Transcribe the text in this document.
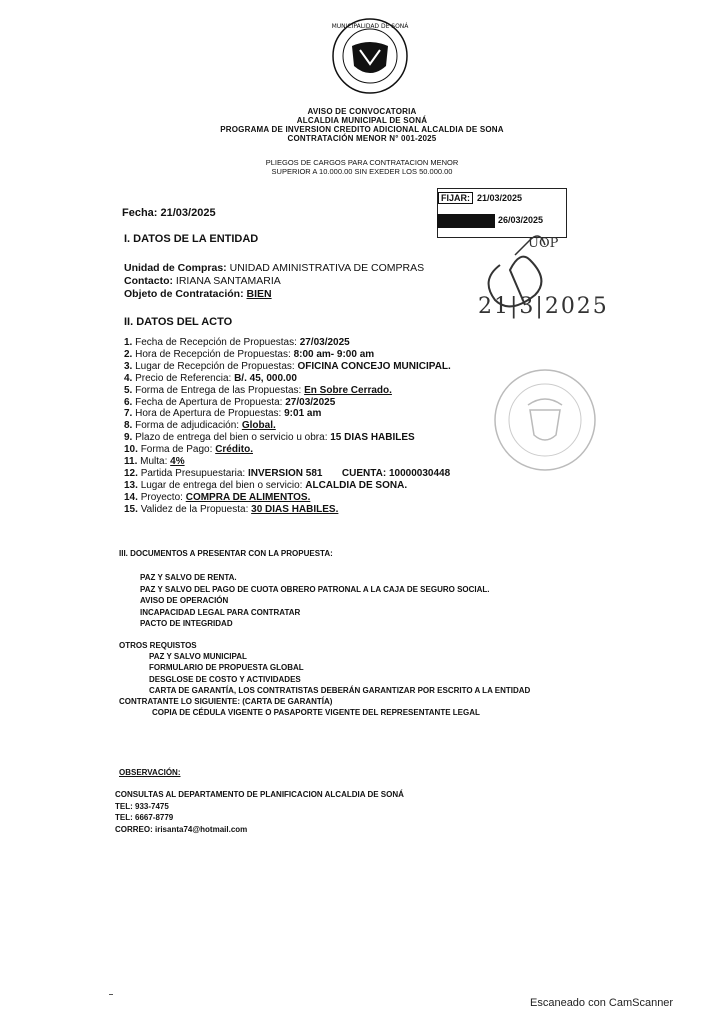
MUNICIPALIDAD DE SONÁ
AVISO DE CONVOCATORIA
ALCALDIA MUNICIPAL DE SONÁ
PROGRAMA DE INVERSION CREDITO ADICIONAL ALCALDIA DE SONA
CONTRATACIÓN MENOR N° 001-2025
PLIEGOS DE CARGOS PARA CONTRATACION MENOR
SUPERIOR A 10.000.00 SIN EXEDER LOS 50.000.00
FIJAR: 21/03/2025
26/03/2025
Fecha: 21/03/2025
I. DATOS DE LA ENTIDAD
Unidad de Compras: UNIDAD AMINISTRATIVA DE COMPRAS
Contacto: IRIANA SANTAMARIA
Objeto de Contratación: BIEN
II. DATOS DEL ACTO
1. Fecha de Recepción de Propuestas: 27/03/2025
2. Hora de Recepción de Propuestas: 8:00 am- 9:00 am
3. Lugar de Recepción de Propuestas: OFICINA CONCEJO MUNICIPAL.
4. Precio de Referencia: B/. 45, 000.00
5. Forma de Entrega de las Propuestas: En Sobre Cerrado.
6. Fecha de Apertura de Propuesta: 27/03/2025
7. Hora de Apertura de Propuestas: 9:01 am
8. Forma de adjudicación: Global.
9. Plazo de entrega del bien o servicio u obra: 15 DIAS HABILES
10. Forma de Pago: Crédito.
11. Multa: 4%
12. Partida Presupuestaria: INVERSION 581 CUENTA: 10000030448
13. Lugar de entrega del bien o servicio: ALCALDIA DE SONA.
14. Proyecto: COMPRA DE ALIMENTOS.
15. Validez de la Propuesta: 30 DIAS HABILES.
III. DOCUMENTOS A PRESENTAR CON LA PROPUESTA:
PAZ Y SALVO DE RENTA.
PAZ Y SALVO DEL PAGO DE CUOTA OBRERO PATRONAL A LA CAJA DE SEGURO SOCIAL.
AVISO DE OPERACIÓN
INCAPACIDAD LEGAL PARA CONTRATAR
PACTO DE INTEGRIDAD
OTROS REQUISTOS
PAZ Y SALVO MUNICIPAL
FORMULARIO DE PROPUESTA GLOBAL
DESGLOSE DE COSTO Y ACTIVIDADES
CARTA DE GARANTÍA, LOS CONTRATISTAS DEBERÁN GARANTIZAR POR ESCRITO A LA ENTIDAD
CONTRATANTE LO SIGUIENTE: (CARTA DE GARANTÍA)
COPIA DE CÉDULA VIGENTE O PASAPORTE VIGENTE DEL REPRESENTANTE LEGAL
OBSERVACIÓN:
CONSULTAS AL DEPARTAMENTO DE PLANIFICACION ALCALDIA DE SONÁ
TEL: 933-7475
TEL: 6667-8779
CORREO: irisanta74@hotmail.com
UOP
21|3|2025
Escaneado con CamScanner
